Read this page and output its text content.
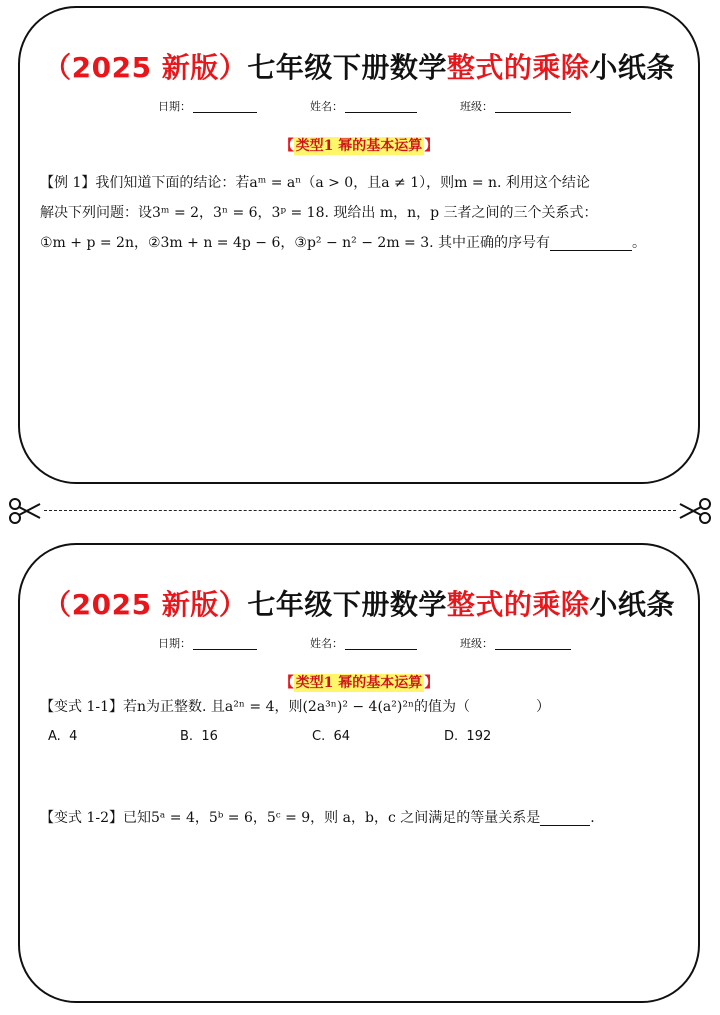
（2025 新版）七年级下册数学整式的乘除小纸条
日期：	姓名：	班级：
【 类型1 幂的基本运算 】
【例 1】我们知道下面的结论：若aᵐ = aⁿ（a > 0，且a ≠ 1），则m = n. 利用这个结论
解决下列问题：设3ᵐ = 2，3ⁿ = 6，3ᵖ = 18. 现给出 m，n，p 三者之间的三个关系式：
①m + p = 2n，②3m + n = 4p − 6，③p² − n² − 2m = 3. 其中正确的序号有	。
（2025 新版）七年级下册数学整式的乘除小纸条
日期：	姓名：	班级：
【 类型1 幂的基本运算 】
【变式 1-1】若n为正整数. 且a²ⁿ = 4，则(2a³ⁿ)² − 4(a²)²ⁿ的值为（	）
A. 4	B. 16	C. 64	D. 192
【变式 1-2】已知5ᵃ = 4，5ᵇ = 6，5ᶜ = 9，则 a，b，c 之间满足的等量关系是	.
